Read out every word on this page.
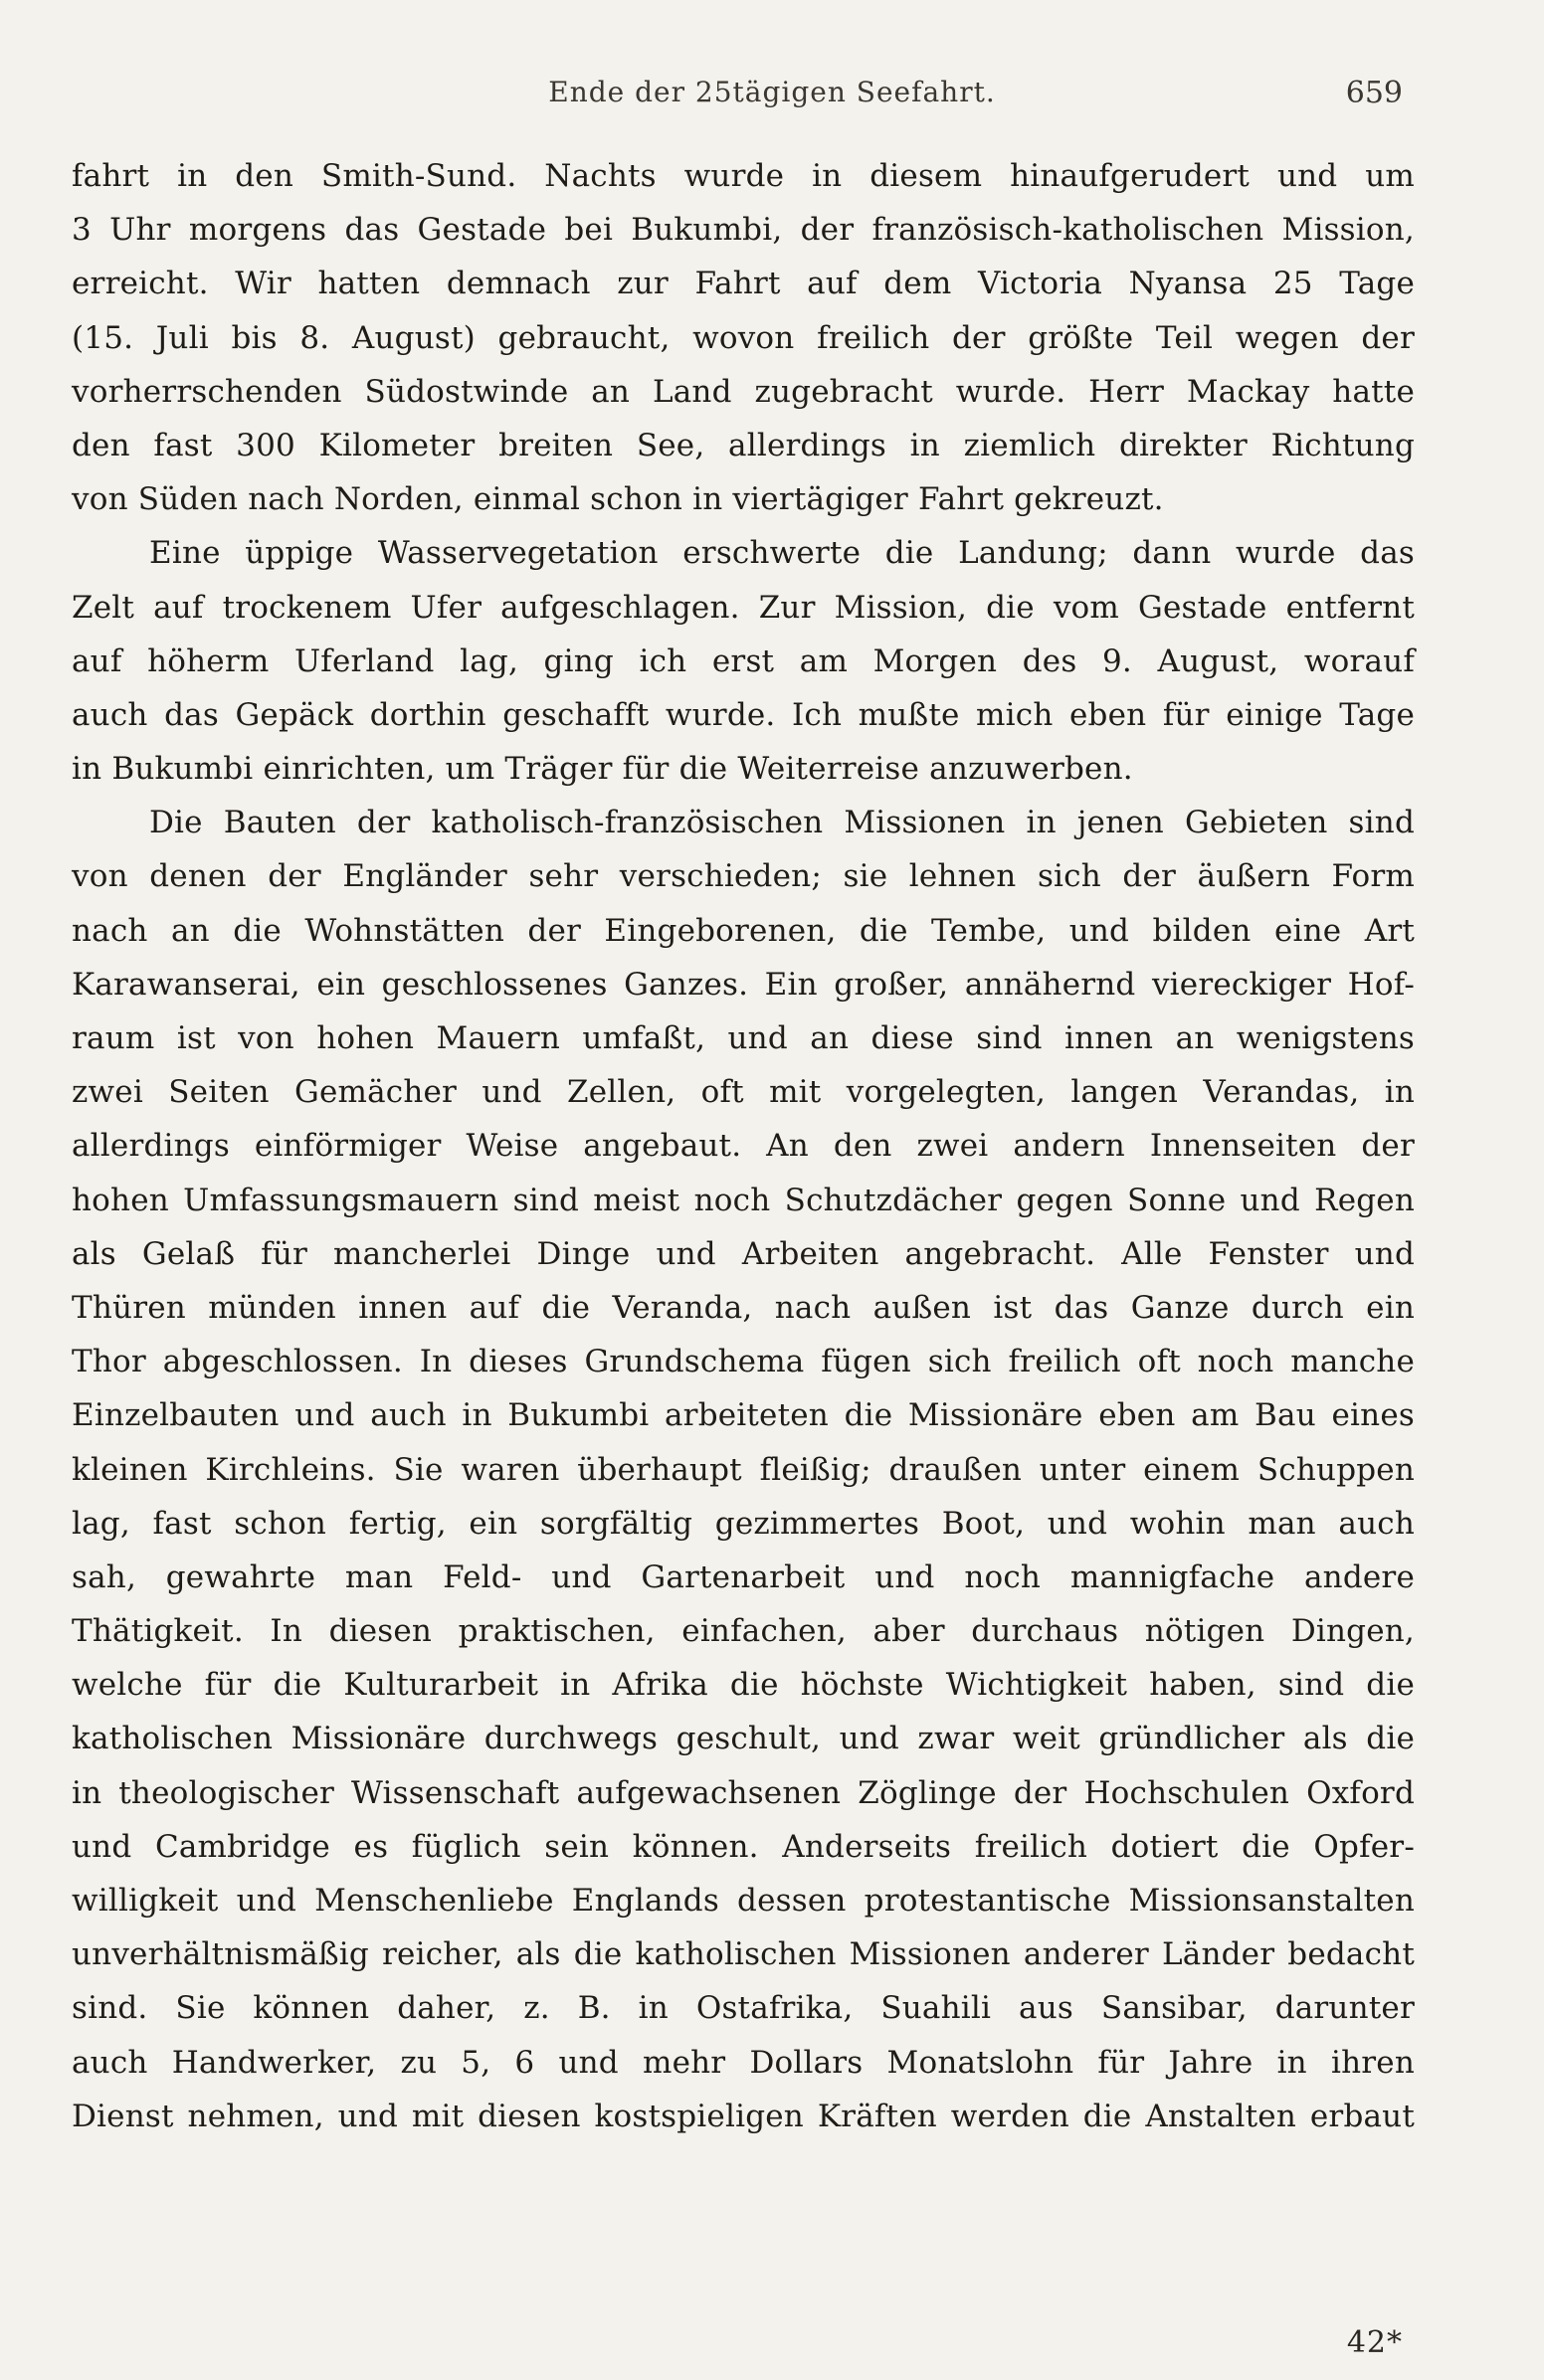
Ende der 25tägigen Seefahrt.	659
fahrt in den Smith-Sund. Nachts wurde in diesem hinaufgerudert und um
3 Uhr morgens das Gestade bei Bukumbi, der französisch-katholischen Mission,
erreicht. Wir hatten demnach zur Fahrt auf dem Victoria Nyansa 25 Tage
(15. Juli bis 8. August) gebraucht, wovon freilich der größte Teil wegen der
vorherrschenden Südostwinde an Land zugebracht wurde. Herr Mackay hatte
den fast 300 Kilometer breiten See, allerdings in ziemlich direkter Richtung
von Süden nach Norden, einmal schon in viertägiger Fahrt gekreuzt.
Eine üppige Wasservegetation erschwerte die Landung; dann wurde das
Zelt auf trockenem Ufer aufgeschlagen. Zur Mission, die vom Gestade entfernt
auf höherm Uferland lag, ging ich erst am Morgen des 9. August, worauf
auch das Gepäck dorthin geschafft wurde. Ich mußte mich eben für einige Tage
in Bukumbi einrichten, um Träger für die Weiterreise anzuwerben.
Die Bauten der katholisch-französischen Missionen in jenen Gebieten sind
von denen der Engländer sehr verschieden; sie lehnen sich der äußern Form
nach an die Wohnstätten der Eingeborenen, die Tembe, und bilden eine Art
Karawanserai, ein geschlossenes Ganzes. Ein großer, annähernd viereckiger Hof-
raum ist von hohen Mauern umfaßt, und an diese sind innen an wenigstens
zwei Seiten Gemächer und Zellen, oft mit vorgelegten, langen Verandas, in
allerdings einförmiger Weise angebaut. An den zwei andern Innenseiten der
hohen Umfassungsmauern sind meist noch Schutzdächer gegen Sonne und Regen
als Gelaß für mancherlei Dinge und Arbeiten angebracht. Alle Fenster und
Thüren münden innen auf die Veranda, nach außen ist das Ganze durch ein
Thor abgeschlossen. In dieses Grundschema fügen sich freilich oft noch manche
Einzelbauten und auch in Bukumbi arbeiteten die Missionäre eben am Bau eines
kleinen Kirchleins. Sie waren überhaupt fleißig; draußen unter einem Schuppen
lag, fast schon fertig, ein sorgfältig gezimmertes Boot, und wohin man auch
sah, gewahrte man Feld- und Gartenarbeit und noch mannigfache andere
Thätigkeit. In diesen praktischen, einfachen, aber durchaus nötigen Dingen,
welche für die Kulturarbeit in Afrika die höchste Wichtigkeit haben, sind die
katholischen Missionäre durchwegs geschult, und zwar weit gründlicher als die
in theologischer Wissenschaft aufgewachsenen Zöglinge der Hochschulen Oxford
und Cambridge es füglich sein können. Anderseits freilich dotiert die Opfer-
willigkeit und Menschenliebe Englands dessen protestantische Missionsanstalten
unverhältnismäßig reicher, als die katholischen Missionen anderer Länder bedacht
sind. Sie können daher, z. B. in Ostafrika, Suahili aus Sansibar, darunter
auch Handwerker, zu 5, 6 und mehr Dollars Monatslohn für Jahre in ihren
Dienst nehmen, und mit diesen kostspieligen Kräften werden die Anstalten erbaut
42*
